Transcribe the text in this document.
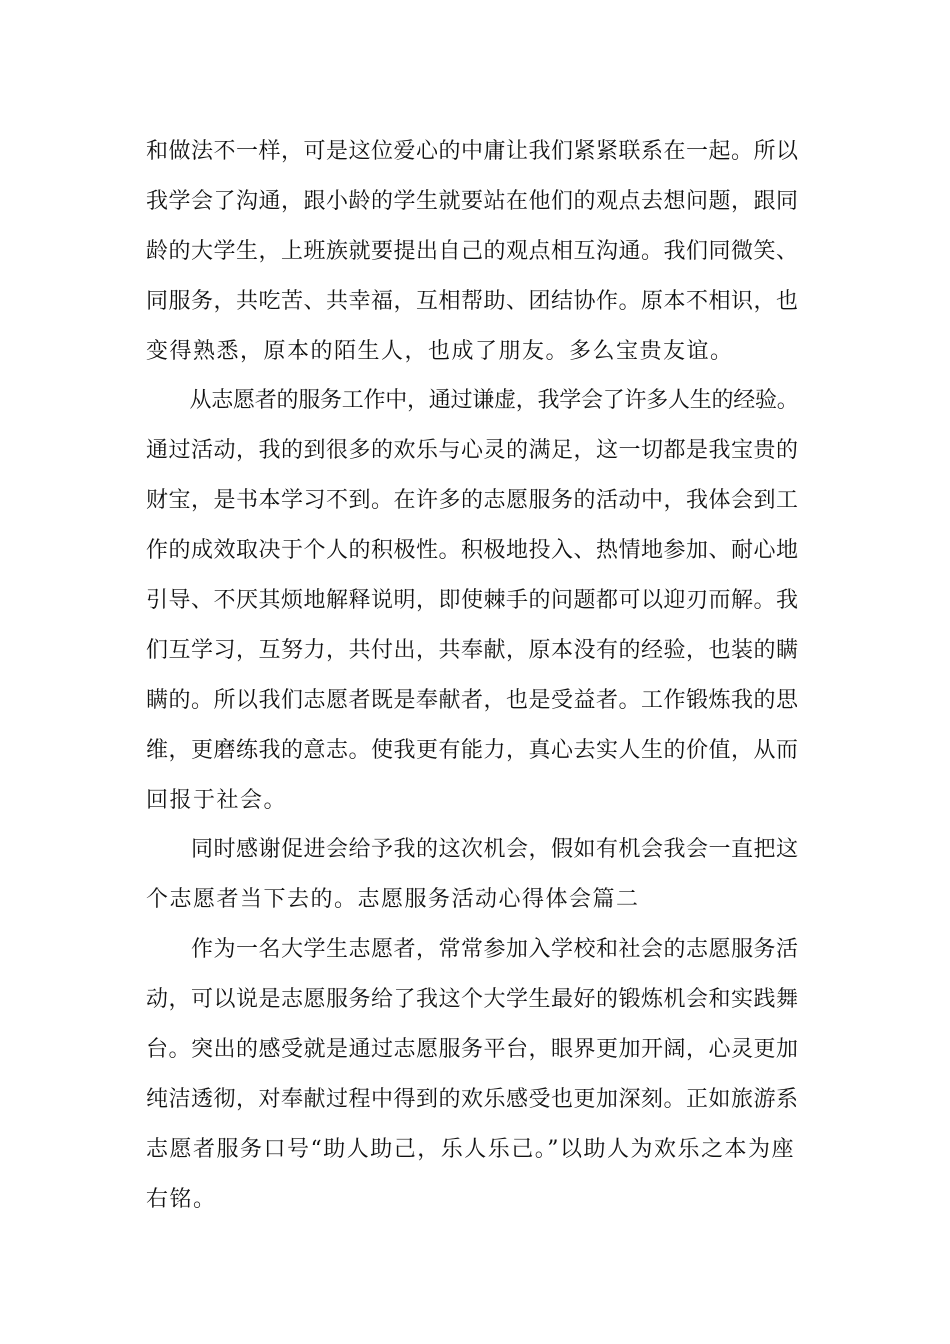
和做法不一样，可是这位爱心的中庸让我们紧紧联系在一起。所以
我学会了沟通，跟小龄的学生就要站在他们的观点去想问题，跟同
龄的大学生，上班族就要提出自己的观点相互沟通。我们同微笑、
同服务，共吃苦、共幸福，互相帮助、团结协作。原本不相识，也
变得熟悉，原本的陌生人，也成了朋友。多么宝贵友谊。
　　从志愿者的服务工作中，通过谦虚，我学会了许多人生的经验。
通过活动，我的到很多的欢乐与心灵的满足，这一切都是我宝贵的
财宝，是书本学习不到。在许多的志愿服务的活动中，我体会到工
作的成效取决于个人的积极性。积极地投入、热情地参加、耐心地
引导、不厌其烦地解释说明，即使棘手的问题都可以迎刃而解。我
们互学习，互努力，共付出，共奉献，原本没有的经验，也装的瞒
瞒的。所以我们志愿者既是奉献者，也是受益者。工作锻炼我的思
维，更磨练我的意志。使我更有能力，真心去实人生的价值，从而
回报于社会。
　　同时感谢促进会给予我的这次机会，假如有机会我会一直把这
个志愿者当下去的。志愿服务活动心得体会篇二
　　作为一名大学生志愿者，常常参加入学校和社会的志愿服务活
动，可以说是志愿服务给了我这个大学生最好的锻炼机会和实践舞
台。突出的感受就是通过志愿服务平台，眼界更加开阔，心灵更加
纯洁透彻，对奉献过程中得到的欢乐感受也更加深刻。正如旅游系
志愿者服务口号“助人助己，乐人乐己。”以助人为欢乐之本为座
右铭。
